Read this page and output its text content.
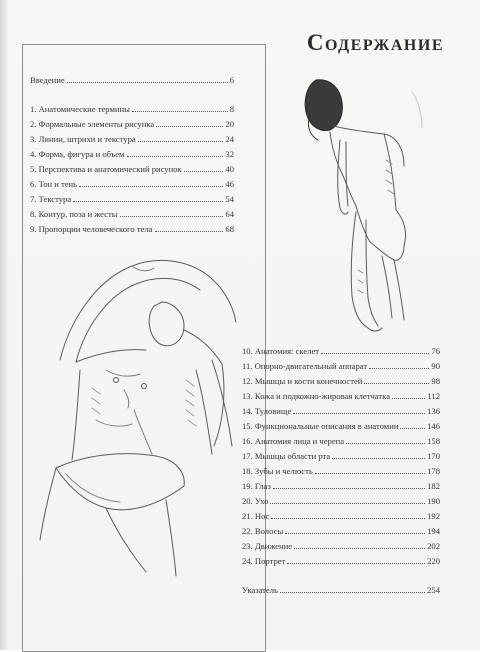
Содержание
Введение	6
1. Анатомические термины	8
2. Формальные элементы рисунка	20
3. Линии, штрихи и текстура	24
4. Форма, фигура и объем	32
5. Перспектива и анатомический рисунок	40
6. Тон и тень	46
7. Текстура	54
8. Контур, поза и жесты	64
9. Пропорции человеческого тела	68
10. Анатомия: скелет	76
11. Опорно-двигательный аппарат	90
12. Мышцы и кости конечностей	98
13. Кожа и подкожно-жировая клетчатка	112
14. Туловище	136
15. Функциональные описания в анатомии	146
16. Анатомия лица и черепа	158
17. Мышцы области рта	170
18. Зубы и челюсть	178
19. Глаз	182
20. Ухо	190
21. Нос	192
22. Волосы	194
23. Движение	202
24. Портрет	220
Указатель	254
